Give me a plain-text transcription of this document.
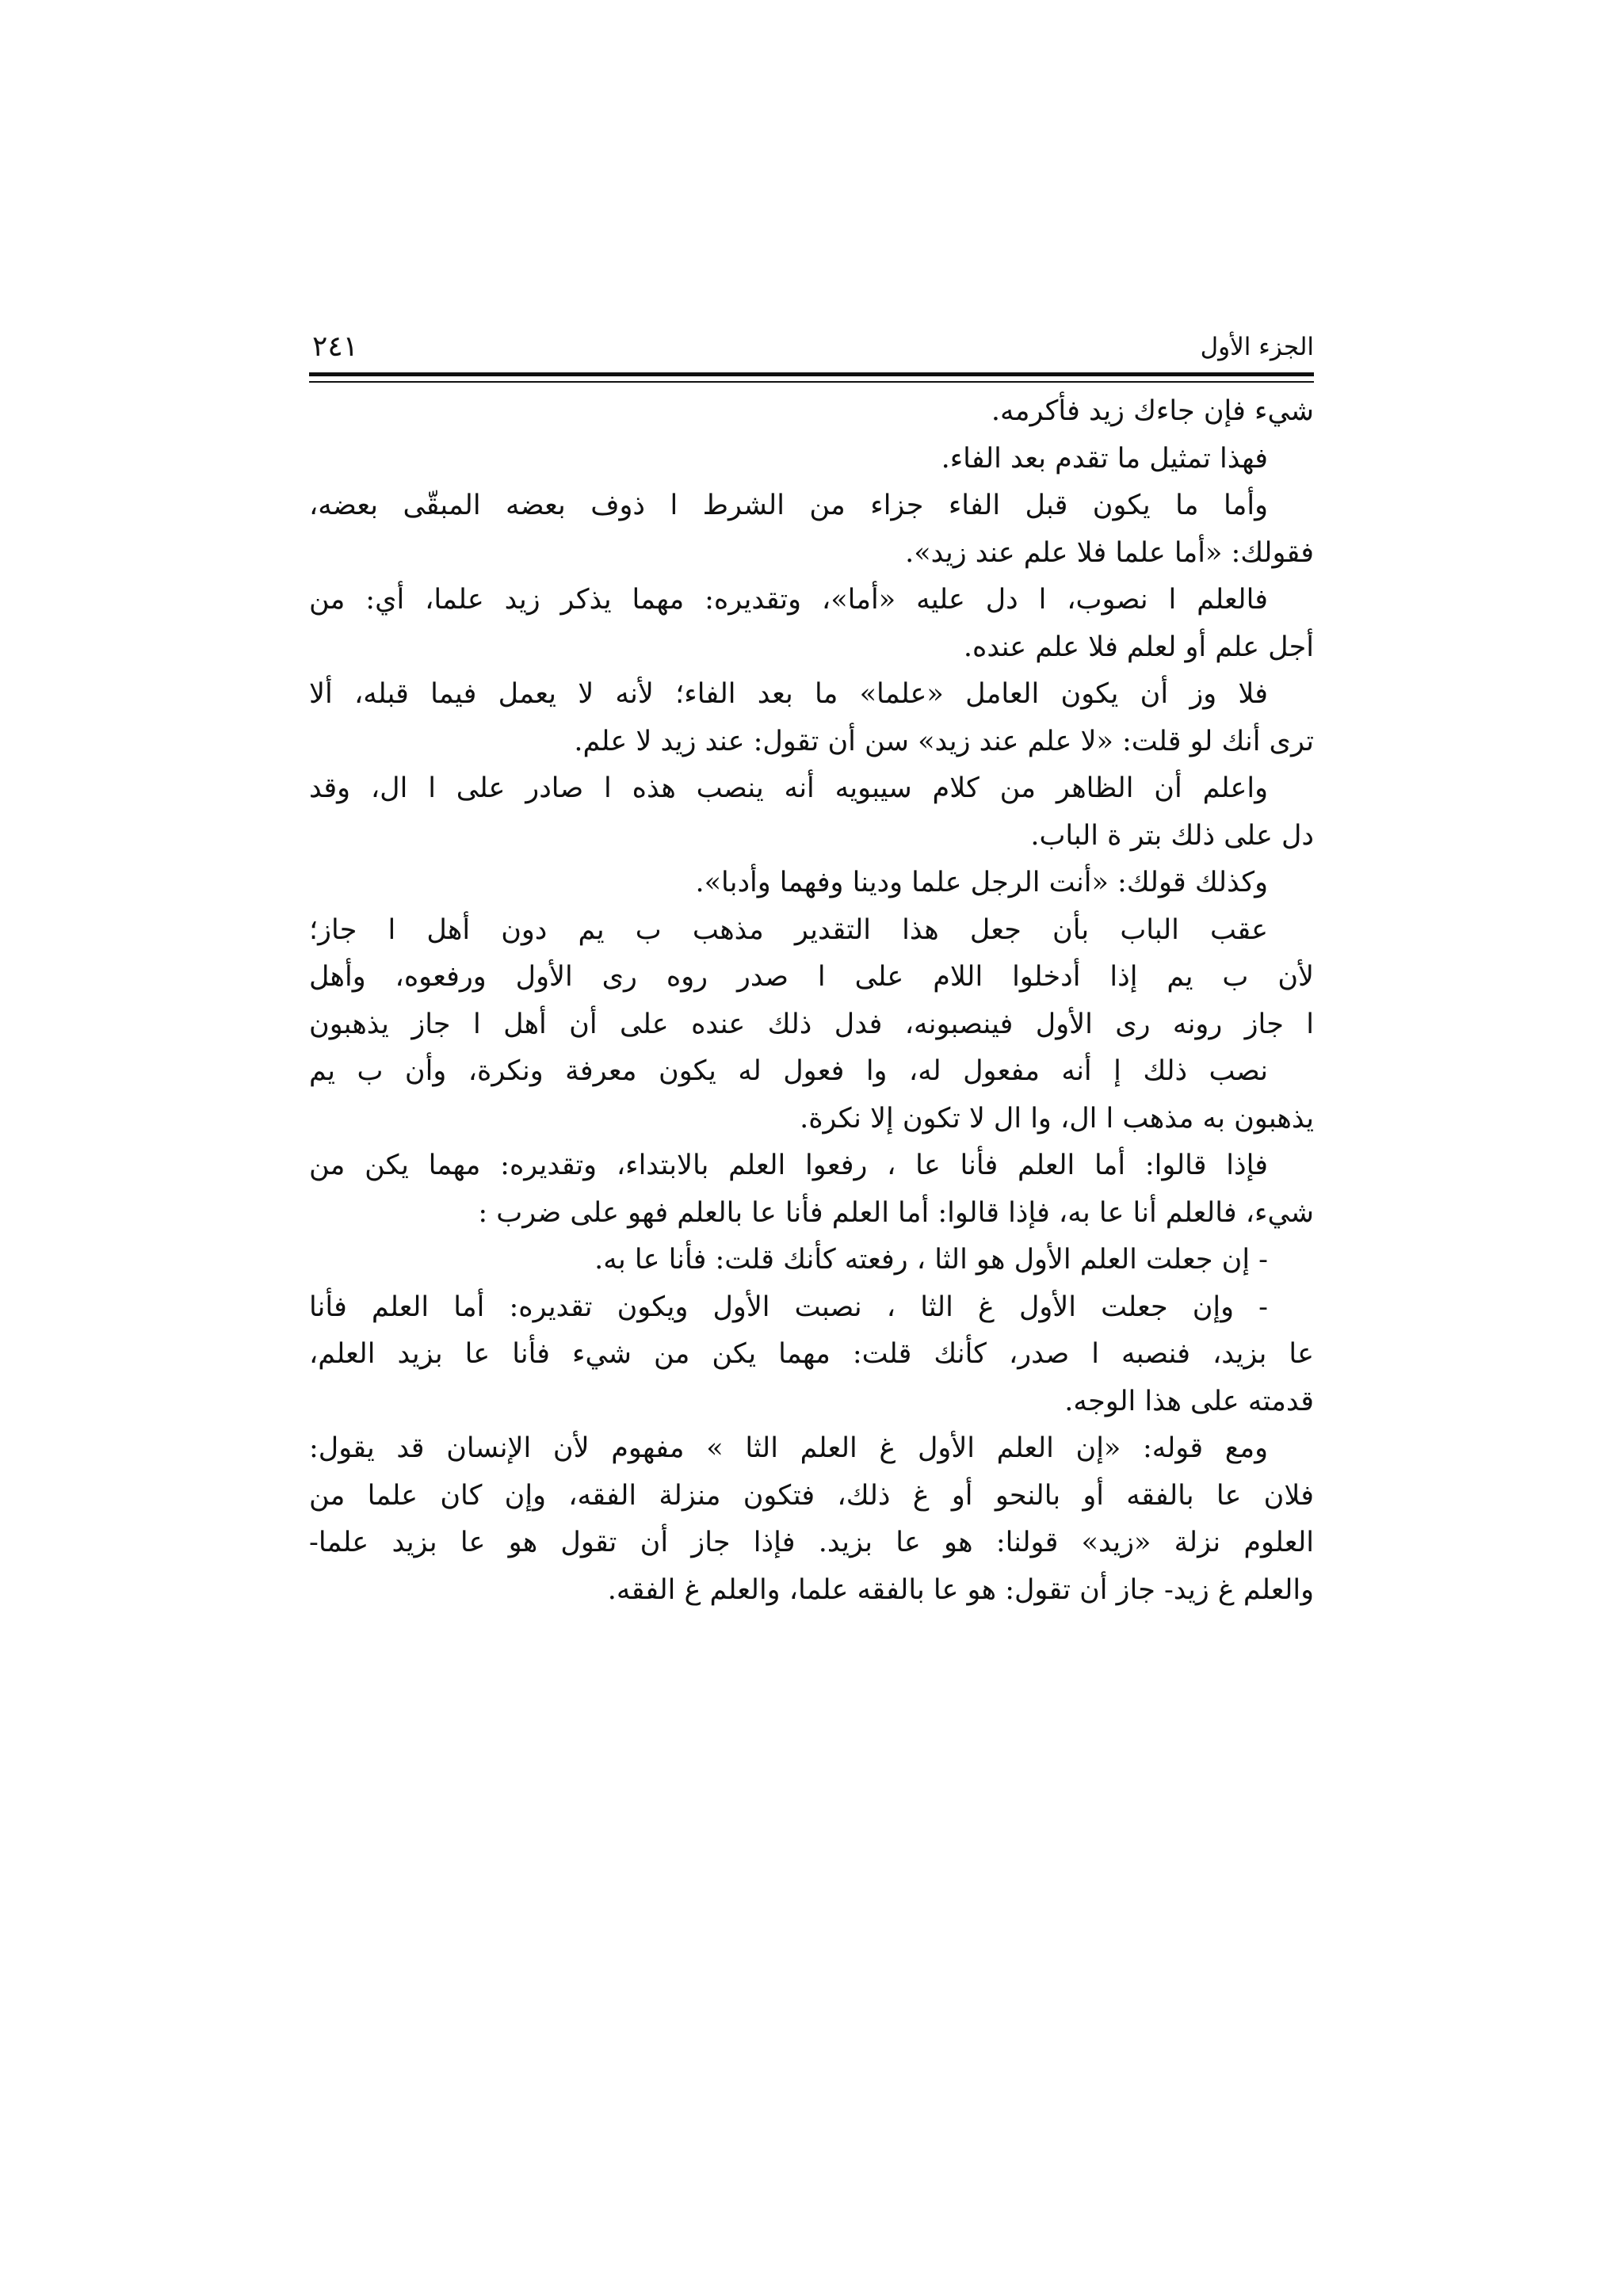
الجزء الأول
٢٤١
شيء فإن جاءك زيد فأكرمه.
فهذا تمثيل ما تقدم بعد الفاء.
وأما ما يكون قبل الفاء جزاء من الشرط ا ذوف بعضه المبقّى بعضه،
فقولك: «أما علما فلا علم عند زيد».
فالعلم ا نصوب، ا دل عليه «أما»، وتقديره: مهما يذكر زيد علما، أي: من
أجل علم أو لعلم فلا علم عنده.
فلا وز أن يكون العامل «علما» ما بعد الفاء؛ لأنه لا يعمل فيما قبله، ألا
ترى أنك لو قلت: «لا علم عند زيد» سن أن تقول: عند زيد لا علم.
واعلم أن الظاهر من كلام سيبويه أنه ينصب هذه ا صادر على ا ال، وقد
دل على ذلك بتر ة الباب.
وكذلك قولك: «أنت الرجل علما ودينا وفهما وأدبا».
عقب الباب بأن جعل هذا التقدير مذهب ب يم دون أهل ا جاز؛
لأن ب يم إذا أدخلوا اللام على ا صدر روه رى الأول ورفعوه، وأهل
ا جاز رونه رى الأول فينصبونه، فدل ذلك عنده على أن أهل ا جاز يذهبون
نصب ذلك إ أنه مفعول له، وا فعول له يكون معرفة ونكرة، وأن ب يم
يذهبون به مذهب ا ال، وا ال لا تكون إلا نكرة.
فإذا قالوا: أما العلم فأنا عا ، رفعوا العلم بالابتداء، وتقديره: مهما يكن من
شيء، فالعلم أنا عا به، فإذا قالوا: أما العلم فأنا عا بالعلم فهو على ضرب :
- إن جعلت العلم الأول هو الثا ، رفعته كأنك قلت: فأنا عا به.
- وإن جعلت الأول غ الثا ، نصبت الأول ويكون تقديره: أما العلم فأنا
عا بزيد، فنصبه ا صدر، كأنك قلت: مهما يكن من شيء فأنا عا بزيد العلم،
قدمته على هذا الوجه.
ومع قوله: «إن العلم الأول غ العلم الثا » مفهوم لأن الإنسان قد يقول:
فلان عا بالفقه أو بالنحو أو غ ذلك، فتكون منزلة الفقه، وإن كان علما من
العلوم نزلة «زيد» قولنا: هو عا بزيد. فإذا جاز أن تقول هو عا بزيد علما-
والعلم غ زيد- جاز أن تقول: هو عا بالفقه علما، والعلم غ الفقه.
